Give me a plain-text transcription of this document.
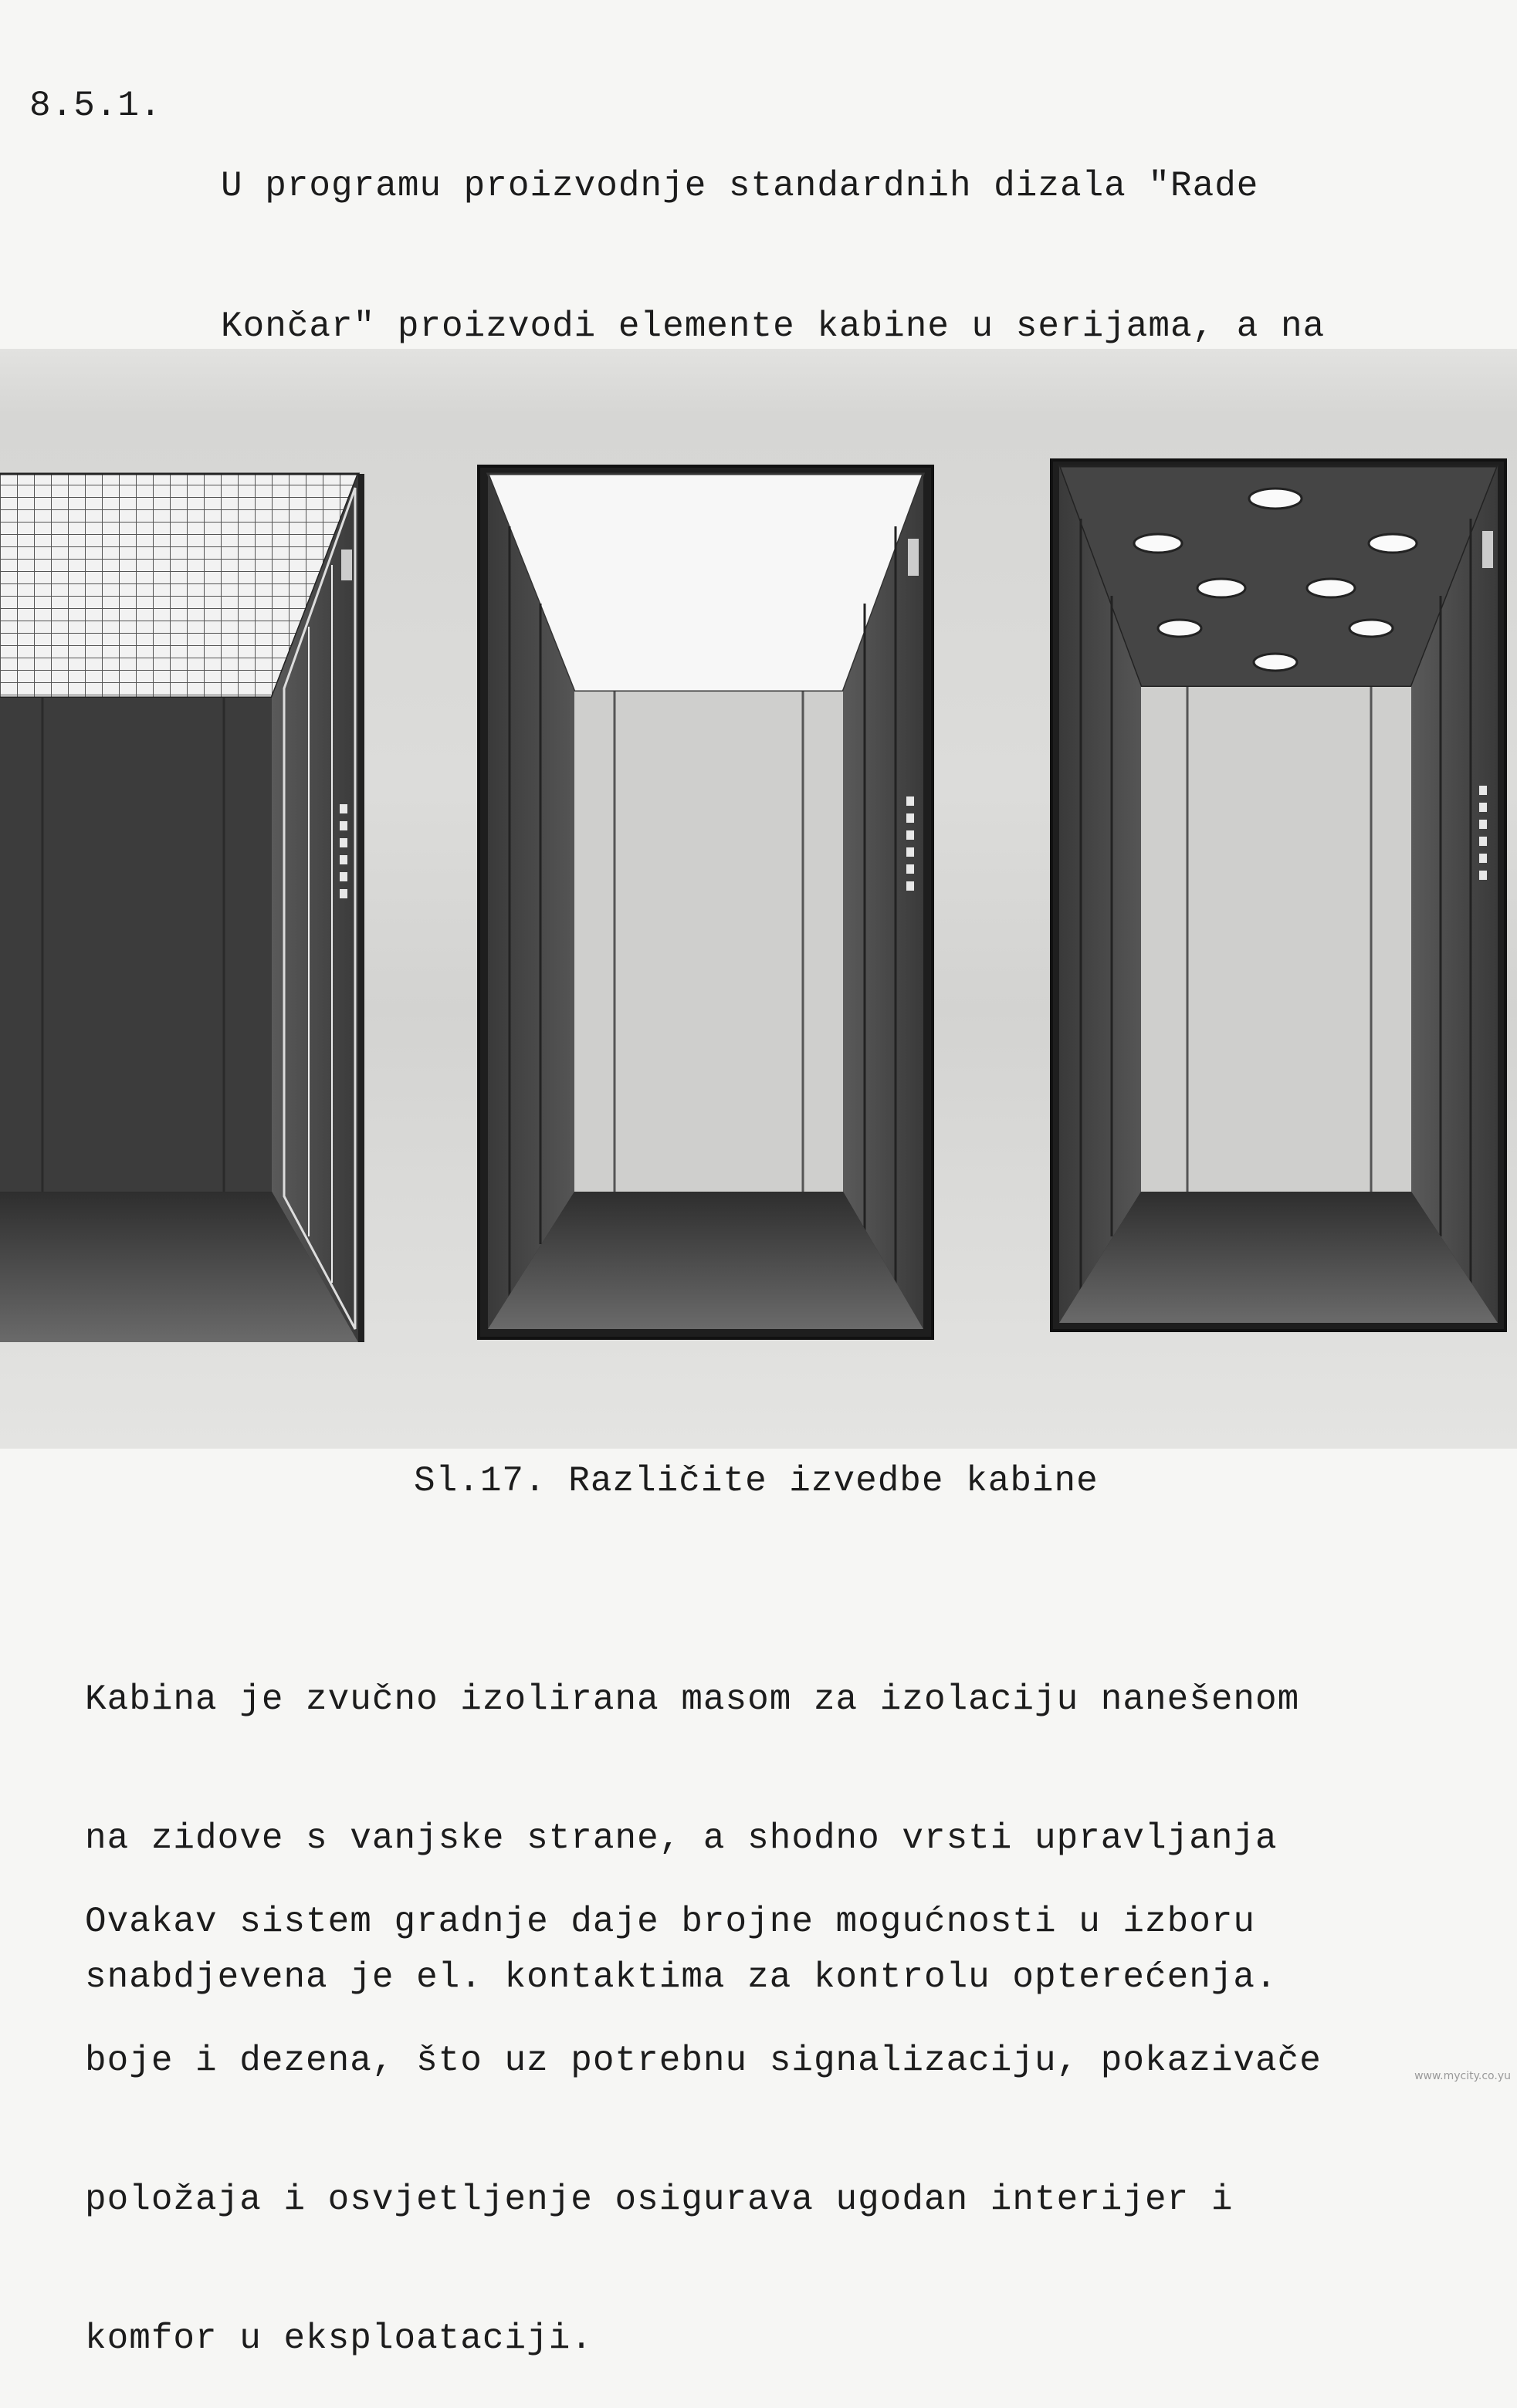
8.5.1.

U programu proizvodnje standardnih dizala "Rade

Končar" proizvodi elemente kabine u serijama, a na

Sl.17. Različite izvedbe kabine

Kabina je zvučno izolirana masom za izolaciju nanešenom

na zidove s vanjske strane, a shodno vrsti upravljanja

snabdjevena je el. kontaktima za kontrolu opterećenja.

Ovakav sistem gradnje daje brojne mogućnosti u izboru

boje i dezena, što uz potrebnu signalizaciju, pokazivače

položaja i osvjetljenje osigurava ugodan interijer i

komfor u eksploataciji.

www.mycity.co.yu
